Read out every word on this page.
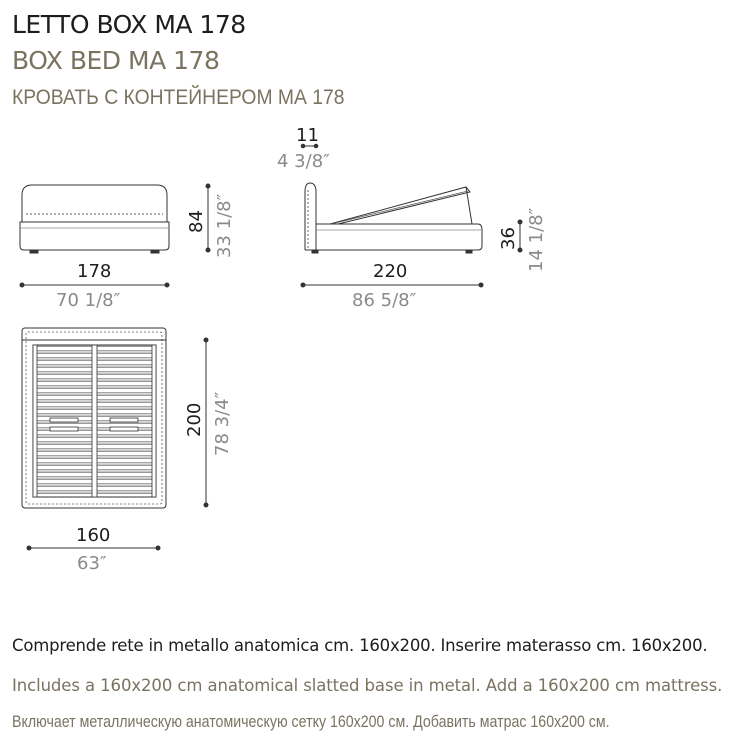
LETTO BOX MA 178
BOX BED MA 178
КРОВАТЬ С КОНТЕЙНЕРОМ МА 178
178
70 1/8″
84 33 1/8″
11
4 3/8″
220
86 5/8″
36 14 1/8″
160
63″
200 78 3/4″
Comprende rete in metallo anatomica cm. 160x200. Inserire materasso cm. 160x200.
Includes a 160x200 cm anatomical slatted base in metal. Add a 160x200 cm mattress.
Включает металлическую анатомическую сетку 160x200 см. Добавить матрас 160x200 см.
